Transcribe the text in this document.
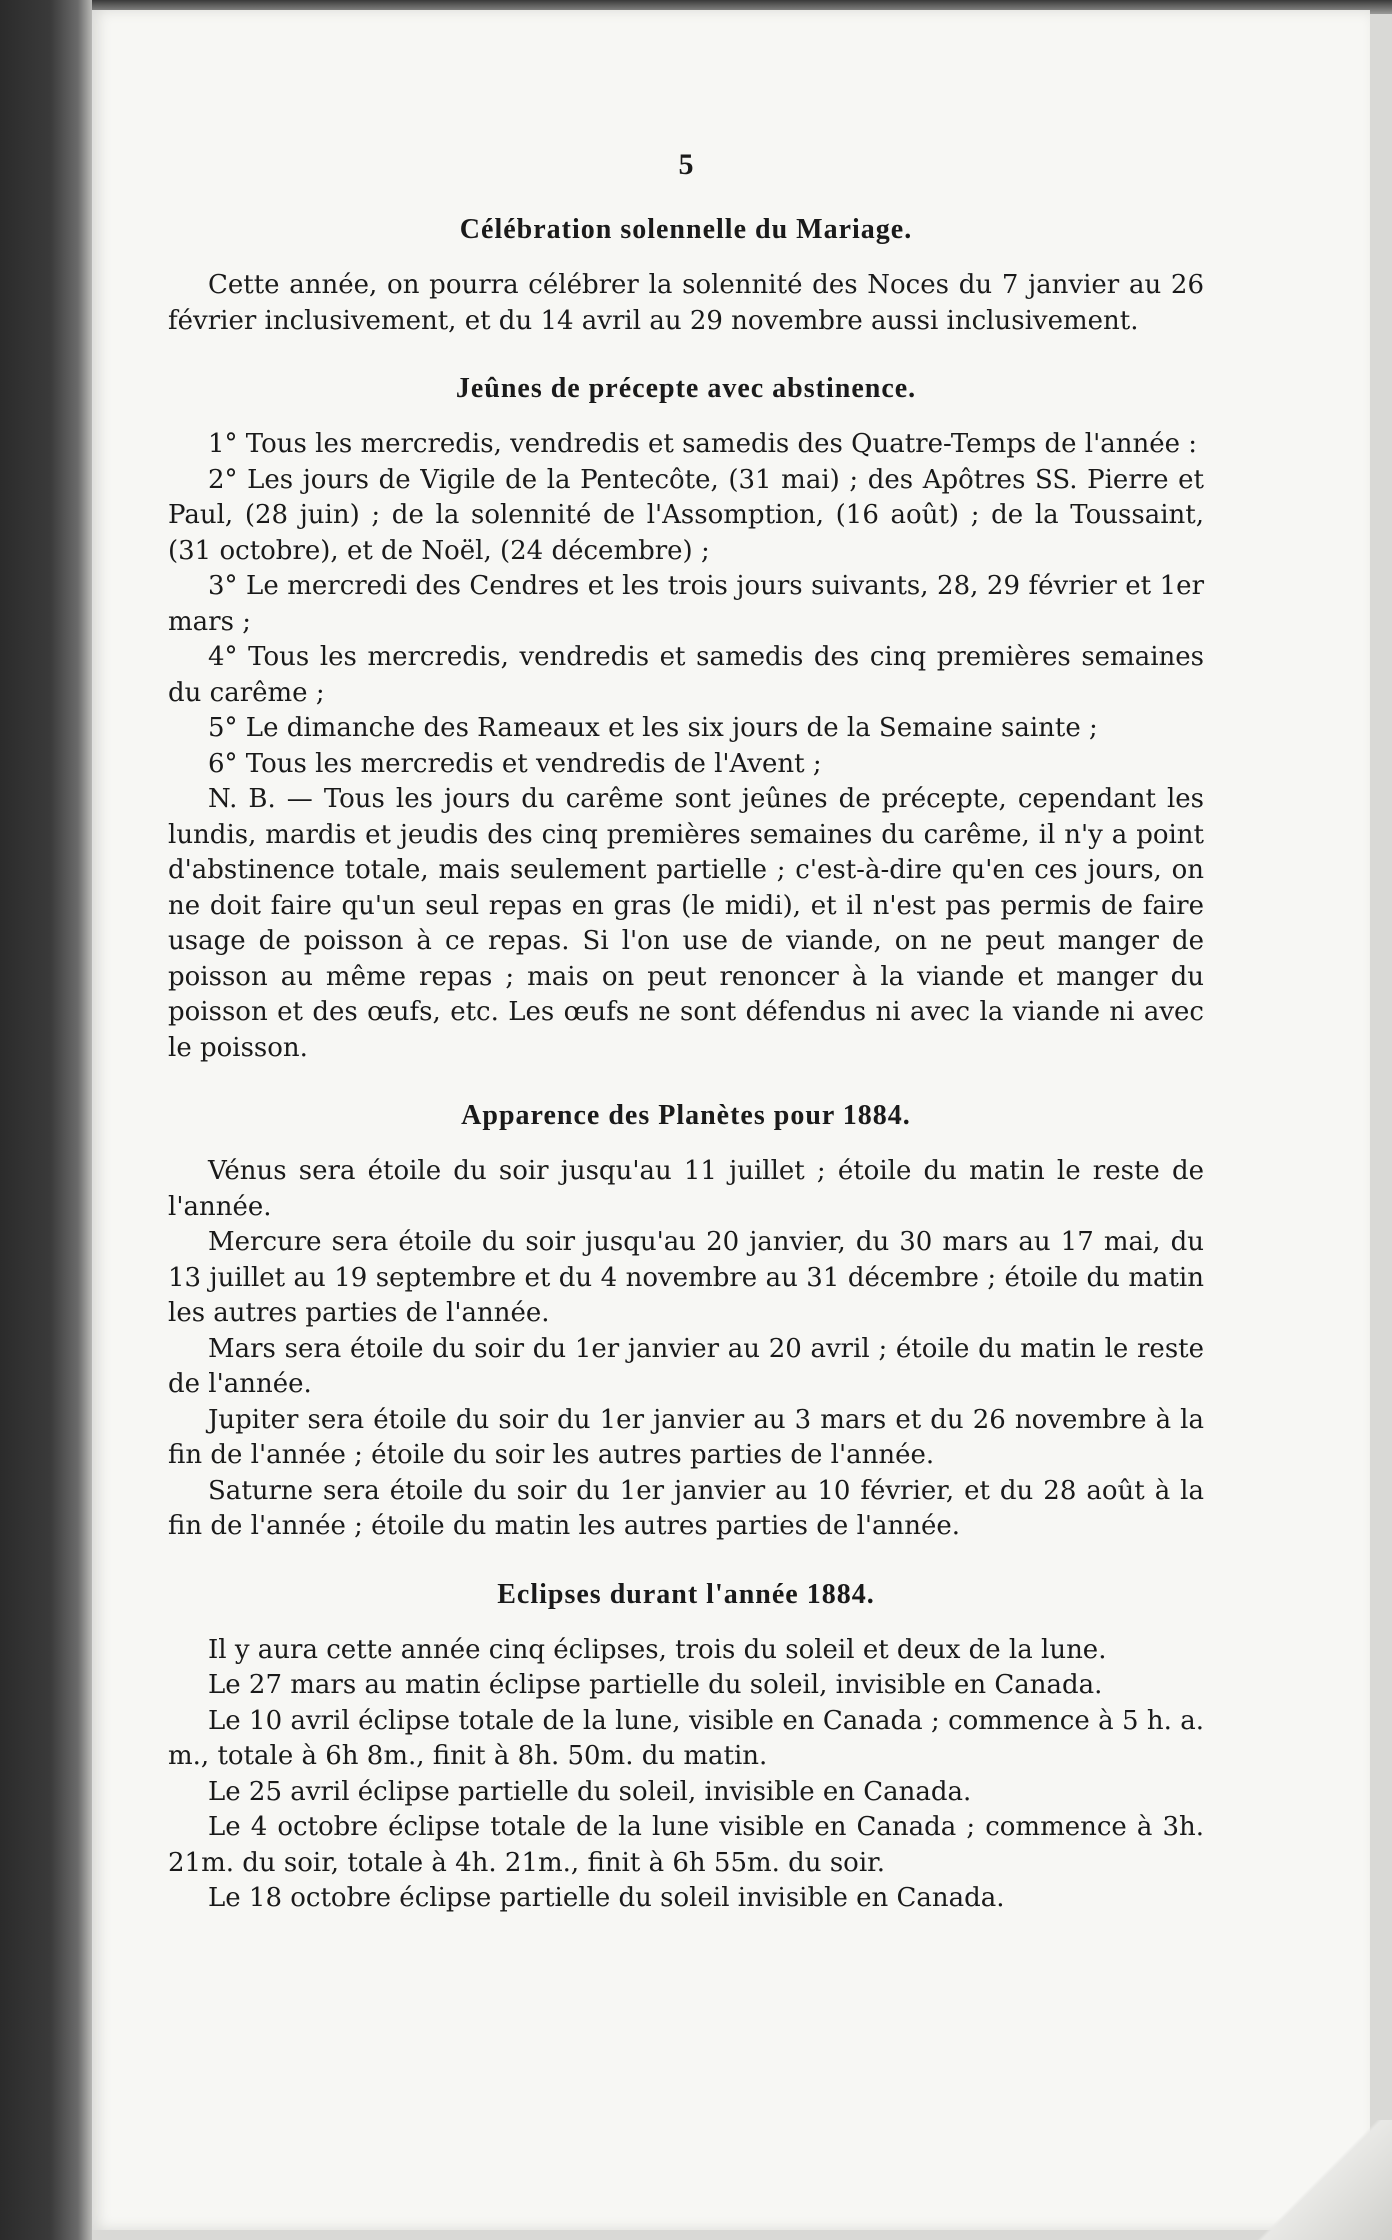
5
Célébration solennelle du Mariage.

Cette année, on pourra célébrer la solennité des Noces du 7 janvier au 26 février inclusivement, et du 14 avril au 29 novembre aussi inclusivement.

Jeûnes de précepte avec abstinence.

1° Tous les mercredis, vendredis et samedis des Quatre-Temps de l'année :

2° Les jours de Vigile de la Pentecôte, (31 mai) ; des Apôtres SS. Pierre et Paul, (28 juin) ; de la solennité de l'Assomption, (16 août) ; de la Toussaint, (31 octobre), et de Noël, (24 décembre) ;

3° Le mercredi des Cendres et les trois jours suivants, 28, 29 février et 1er mars ;

4° Tous les mercredis, vendredis et samedis des cinq premières semaines du carême ;

5° Le dimanche des Rameaux et les six jours de la Semaine sainte ;

6° Tous les mercredis et vendredis de l'Avent ;

N. B. — Tous les jours du carême sont jeûnes de précepte, cependant les lundis, mardis et jeudis des cinq premières semaines du carême, il n'y a point d'abstinence totale, mais seulement partielle ; c'est-à-dire qu'en ces jours, on ne doit faire qu'un seul repas en gras (le midi), et il n'est pas permis de faire usage de poisson à ce repas. Si l'on use de viande, on ne peut manger de poisson au même repas ; mais on peut renoncer à la viande et manger du poisson et des œufs, etc. Les œufs ne sont défendus ni avec la viande ni avec le poisson.

Apparence des Planètes pour 1884.

Vénus sera étoile du soir jusqu'au 11 juillet ; étoile du matin le reste de l'année.

Mercure sera étoile du soir jusqu'au 20 janvier, du 30 mars au 17 mai, du 13 juillet au 19 septembre et du 4 novembre au 31 décembre ; étoile du matin les autres parties de l'année.

Mars sera étoile du soir du 1er janvier au 20 avril ; étoile du matin le reste de l'année.

Jupiter sera étoile du soir du 1er janvier au 3 mars et du 26 novembre à la fin de l'année ; étoile du soir les autres parties de l'année.

Saturne sera étoile du soir du 1er janvier au 10 février, et du 28 août à la fin de l'année ; étoile du matin les autres parties de l'année.

Eclipses durant l'année 1884.

Il y aura cette année cinq éclipses, trois du soleil et deux de la lune.

Le 27 mars au matin éclipse partielle du soleil, invisible en Canada.

Le 10 avril éclipse totale de la lune, visible en Canada ; commence à 5 h. a. m., totale à 6h 8m., finit à 8h. 50m. du matin.

Le 25 avril éclipse partielle du soleil, invisible en Canada.

Le 4 octobre éclipse totale de la lune visible en Canada ; commence à 3h. 21m. du soir, totale à 4h. 21m., finit à 6h 55m. du soir.

Le 18 octobre éclipse partielle du soleil invisible en Canada.
